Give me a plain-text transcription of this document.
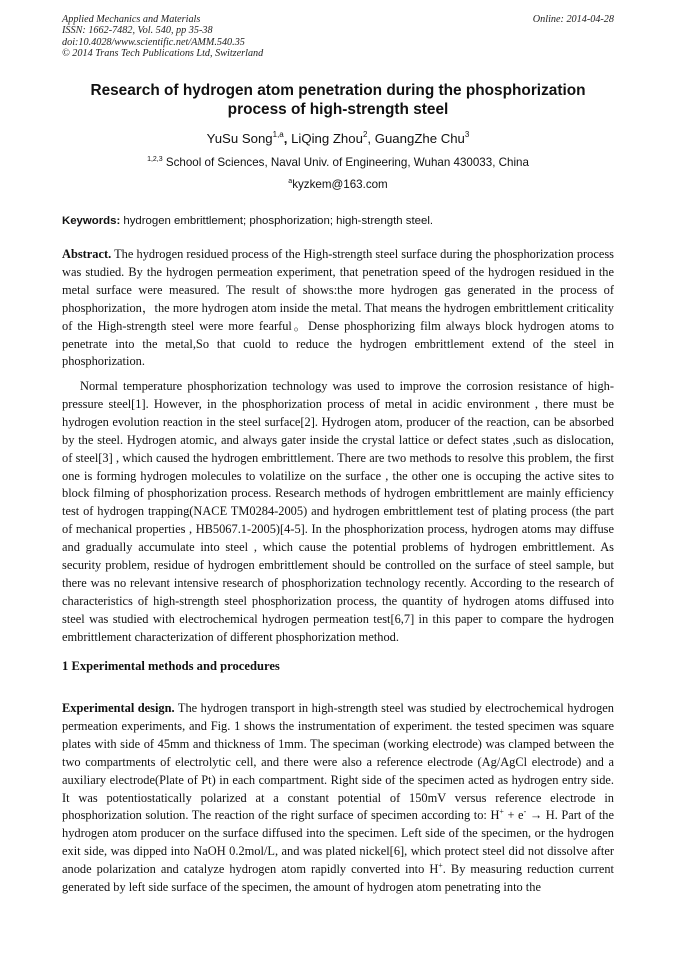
Applied Mechanics and Materials
ISSN: 1662-7482, Vol. 540, pp 35-38
doi:10.4028/www.scientific.net/AMM.540.35
© 2014 Trans Tech Publications Ltd, Switzerland
Online: 2014-04-28
Research of hydrogen atom penetration during the phosphorization process of high-strength steel
YuSu Song$^{1,a}$, LiQing Zhou$^2$, GuangZhe Chu$^3$
$^{1,2,3}$ School of Sciences, Naval Univ. of Engineering, Wuhan 430033, China
$^a$kyzkem@163.com
Keywords: hydrogen embrittlement; phosphorization; high-strength steel.
Abstract. The hydrogen residued process of the High-strength steel surface during the phosphorization process was studied. By the hydrogen permeation experiment, that penetration speed of the hydrogen residued in the metal surface were measured. The result of shows:the more hydrogen gas generated in the process of phosphorization，the more hydrogen atom inside the metal. That means the hydrogen embrittlement criticality of the High-strength steel were more fearful。Dense phosphorizing film always block hydrogen atoms to penetrate into the metal,So that cuold to reduce the hydrogen embrittlement extend of the steel in phosphorization.
Normal temperature phosphorization technology was used to improve the corrosion resistance of high-pressure steel[1]. However, in the phosphorization process of metal in acidic environment , there must be hydrogen evolution reaction in the steel surface[2]. Hydrogen atom, producer of the reaction, can be absorbed by the steel. Hydrogen atomic, and always gater inside the crystal lattice or defect states ,such as dislocation, of steel[3] , which caused the hydrogen embrittlement. There are two methods to resolve this problem, the first one is forming hydrogen molecules to volatilize on the surface , the other one is occuping the active sites to block filming of phosphorization process. Research methods of hydrogen embrittlement are mainly efficiency test of hydrogen trapping(NACE TM0284-2005) and hydrogen embrittlement test of plating process (the part of mechanical properties , HB5067.1-2005)[4-5]. In the phosphorization process, hydrogen atoms may diffuse and gradually accumulate into steel , which cause the potential problems of hydrogen embrittlement. As security problem, residue of hydrogen embrittlement should be controlled on the surface of steel sample, but there was no relevant intensive research of phosphorization technology recently. According to the research of characteristics of high-strength steel phosphorization process, the quantity of hydrogen atoms diffused into steel was studied with electrochemical hydrogen permeation test[6,7] in this paper to compare the hydrogen embrittlement characterization of different phosphorization method.
1 Experimental methods and procedures
Experimental design. The hydrogen transport in high-strength steel was studied by electrochemical hydrogen permeation experiments, and Fig. 1 shows the instrumentation of experiment. the tested specimen was square plates with side of 45mm and thickness of 1mm. The speciman (working electrode) was clamped between the two compartments of electrolytic cell, and there were also a reference electrode (Ag/AgCl electrode) and a auxiliary electrode(Plate of Pt) in each compartment. Right side of the specimen acted as hydrogen entry side. It was potentiostatically polarized at a constant potential of 150mV versus reference electrode in phosphorization solution. The reaction of the right surface of specimen according to: H+ + e- → H. Part of the hydrogen atom producer on the surface diffused into the specimen. Left side of the specimen, or the hydrogen exit side, was dipped into NaOH 0.2mol/L, and was plated nickel[6], which protect steel did not dissolve after anode polarization and catalyze hydrogen atom rapidly converted into H+. By measuring reduction current generated by left side surface of the specimen, the amount of hydrogen atom penetrating into the
